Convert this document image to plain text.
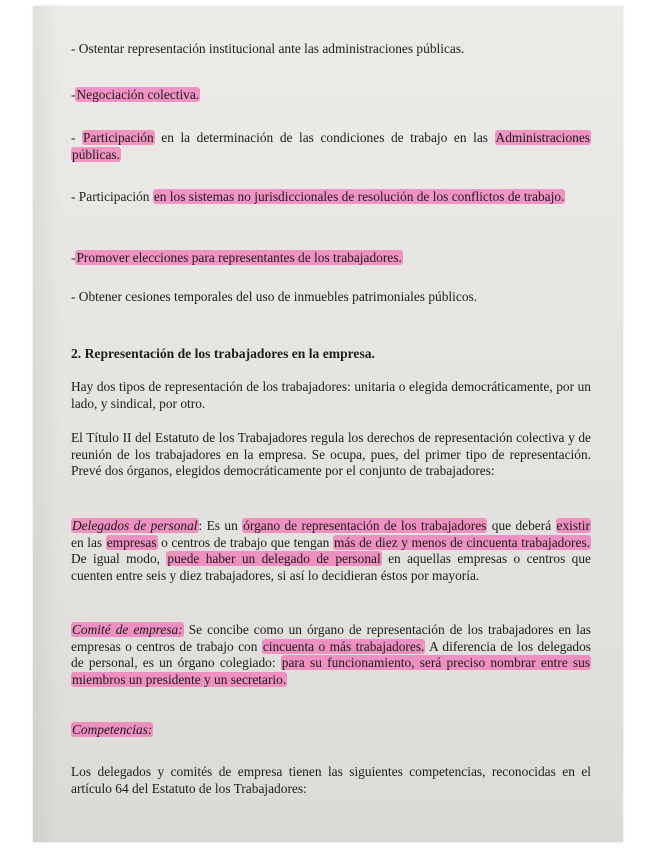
- Ostentar representación institucional ante las administraciones públicas.

-Negociación colectiva.

- Participación en la determinación de las condiciones de trabajo en las Administraciones públicas.

- Participación en los sistemas no jurisdiccionales de resolución de los conflictos de trabajo.

-Promover elecciones para representantes de los trabajadores.

- Obtener cesiones temporales del uso de inmuebles patrimoniales públicos.

2. Representación de los trabajadores en la empresa.

Hay dos tipos de representación de los trabajadores: unitaria o elegida democráticamente, por un lado, y sindical, por otro.

El Título II del Estatuto de los Trabajadores regula los derechos de representación colectiva y de reunión de los trabajadores en la empresa. Se ocupa, pues, del primer tipo de representación. Prevé dos órganos, elegidos democráticamente por el conjunto de trabajadores:

Delegados de personal: Es un órgano de representación de los trabajadores que deberá existir en las empresas o centros de trabajo que tengan más de diez y menos de cincuenta trabajadores. De igual modo, puede haber un delegado de personal en aquellas empresas o centros que cuenten entre seis y diez trabajadores, si así lo decidieran éstos por mayoría.

Comité de empresa: Se concibe como un órgano de representación de los trabajadores en las empresas o centros de trabajo con cincuenta o más trabajadores. A diferencia de los delegados de personal, es un órgano colegiado: para su funcionamiento, será preciso nombrar entre sus miembros un presidente y un secretario.

Competencias:

Los delegados y comités de empresa tienen las siguientes competencias, reconocidas en el artículo 64 del Estatuto de los Trabajadores:
